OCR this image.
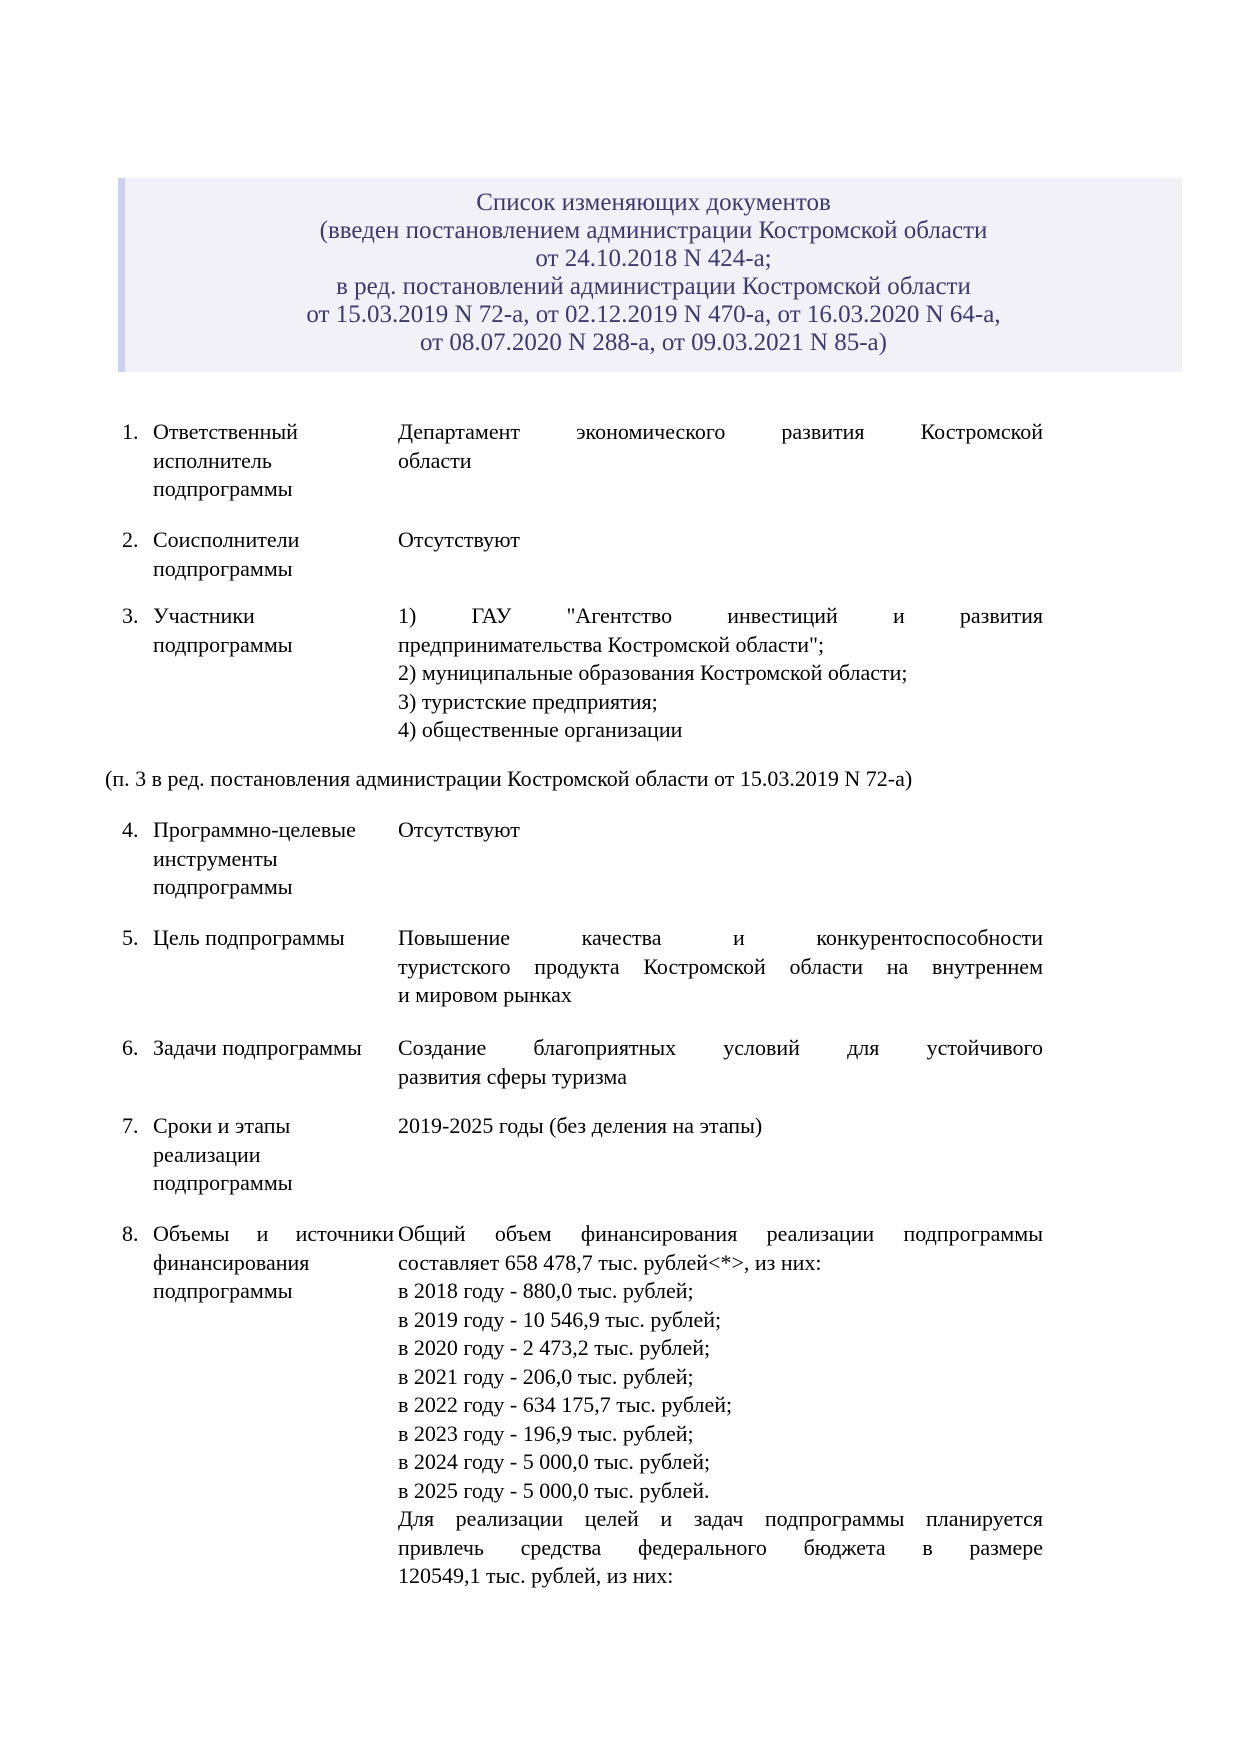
Список изменяющих документов
(введен постановлением администрации Костромской области
от 24.10.2018 N 424-а;
в ред. постановлений администрации Костромской области
от 15.03.2019 N 72-а, от 02.12.2019 N 470-а, от 16.03.2020 N 64-а,
от 08.07.2020 N 288-а, от 09.03.2021 N 85-а)
1. Ответственный
исполнитель
подпрограммы
Департамент экономического развития Костромской
области
2. Соисполнители
подпрограммы
Отсутствуют
3. Участники
подпрограммы
1) ГАУ "Агентство инвестиций и развития
предпринимательства Костромской области";
2) муниципальные образования Костромской области;
3) туристские предприятия;
4) общественные организации
4. Программно-целевые
инструменты
подпрограммы
Отсутствуют
5. Цель подпрограммы	Повышение качества и конкурентоспособности
туристского продукта Костромской области на внутреннем
и мировом рынках
6. Задачи подпрограммы	Создание благоприятных условий для устойчивого
развития сферы туризма
7. Сроки и этапы
реализации
подпрограммы
2019-2025 годы (без деления на этапы)
8. Объемы и источники
финансирования
подпрограммы
Общий объем финансирования реализации подпрограммы
составляет 658 478,7 тыс. рублей<*>, из них:
в 2018 году - 880,0 тыс. рублей;
в 2019 году - 10 546,9 тыс. рублей;
в 2020 году - 2 473,2 тыс. рублей;
в 2021 году - 206,0 тыс. рублей;
в 2022 году - 634 175,7 тыс. рублей;
в 2023 году - 196,9 тыс. рублей;
в 2024 году - 5 000,0 тыс. рублей;
в 2025 году - 5 000,0 тыс. рублей.
Для реализации целей и задач подпрограммы планируется
привлечь средства федерального бюджета в размере
120549,1 тыс. рублей, из них:
(п. 3 в ред. постановления администрации Костромской области от 15.03.2019 N 72-а)
